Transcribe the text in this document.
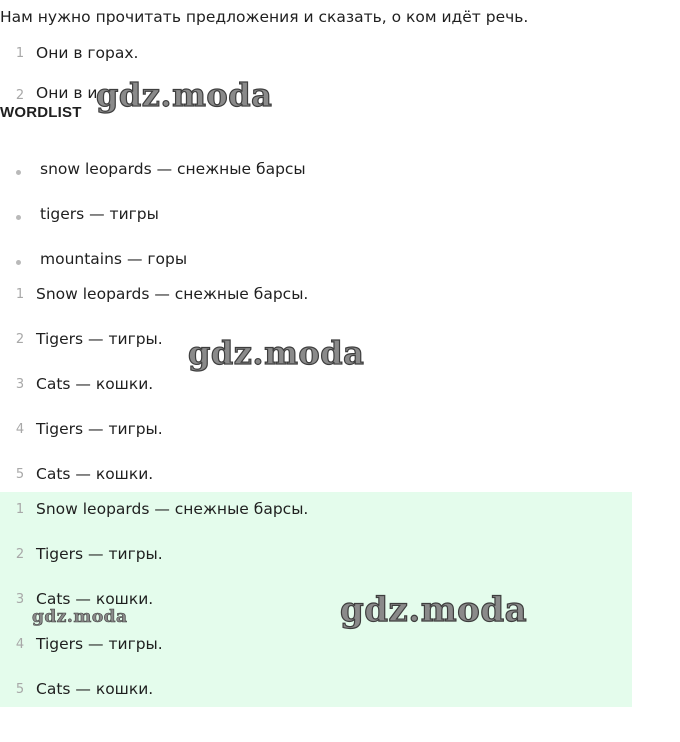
Нам нужно прочитать предложения и сказать, о ком идёт речь.
1 Они в горах.
2 Они в и
WORDLIST
snow leopards — снежные барсы
tigers — тигры
mountains — горы
1 Snow leopards — снежные барсы.
2 Tigers — тигры.
3 Cats — кошки.
4 Tigers — тигры.
5 Cats — кошки.
1 Snow leopards — снежные барсы.
2 Tigers — тигры.
3 Cats — кошки.
4 Tigers — тигры.
5 Cats — кошки.
gdz.moda
gdz.moda
gdz.moda
gdz.moda
